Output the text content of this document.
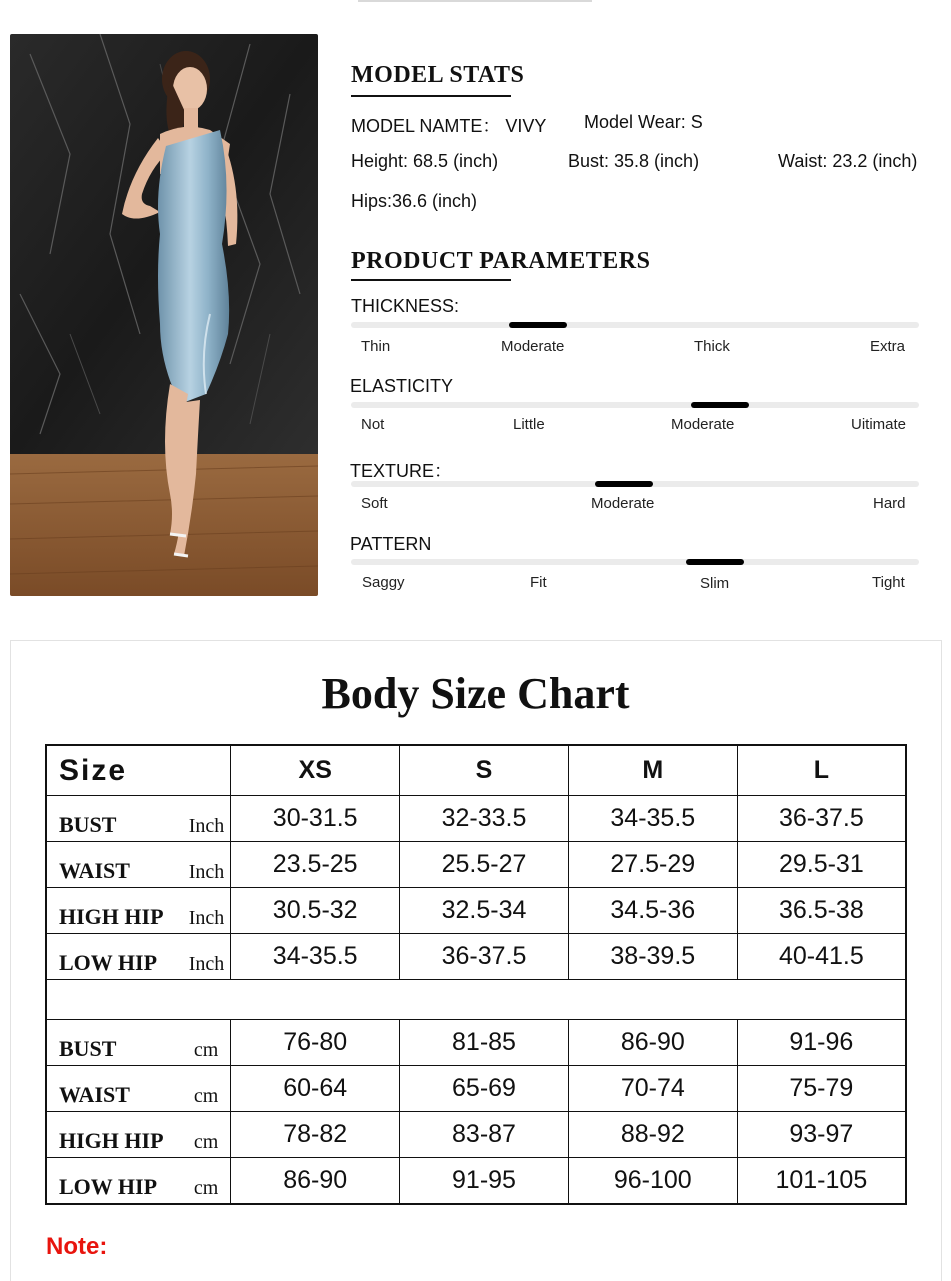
MODEL STATS
MODEL NAMTE： VIVY Model Wear: S
Height: 68.5 (inch)	Bust: 35.8 (inch)	Waist: 23.2 (inch)
Hips:36.6 (inch)
PRODUCT PARAMETERS
THICKNESS:
Thin	Moderate	Thick	Extra
ELASTICITY
Not	Little	Moderate	Uitimate
TEXTURE：
Soft	Moderate	Hard
PATTERN
Saggy	Fit	Slim	Tight
Body Size Chart
Size	XS	S	M	L

BUST Inch	30-31.5	32-33.5	34-35.5	36-37.5

WAIST Inch	23.5-25	25.5-27	27.5-29	29.5-31

HIGH HIP Inch	30.5-32	32.5-34	34.5-36	36.5-38

LOW HIP Inch	34-35.5	36-37.5	38-39.5	40-41.5

BUST cm	76-80	81-85	86-90	91-96

WAIST cm	60-64	65-69	70-74	75-79

HIGH HIP cm	78-82	83-87	88-92	93-97

LOW HIP cm	86-90	91-95	96-100	101-105
Note:
